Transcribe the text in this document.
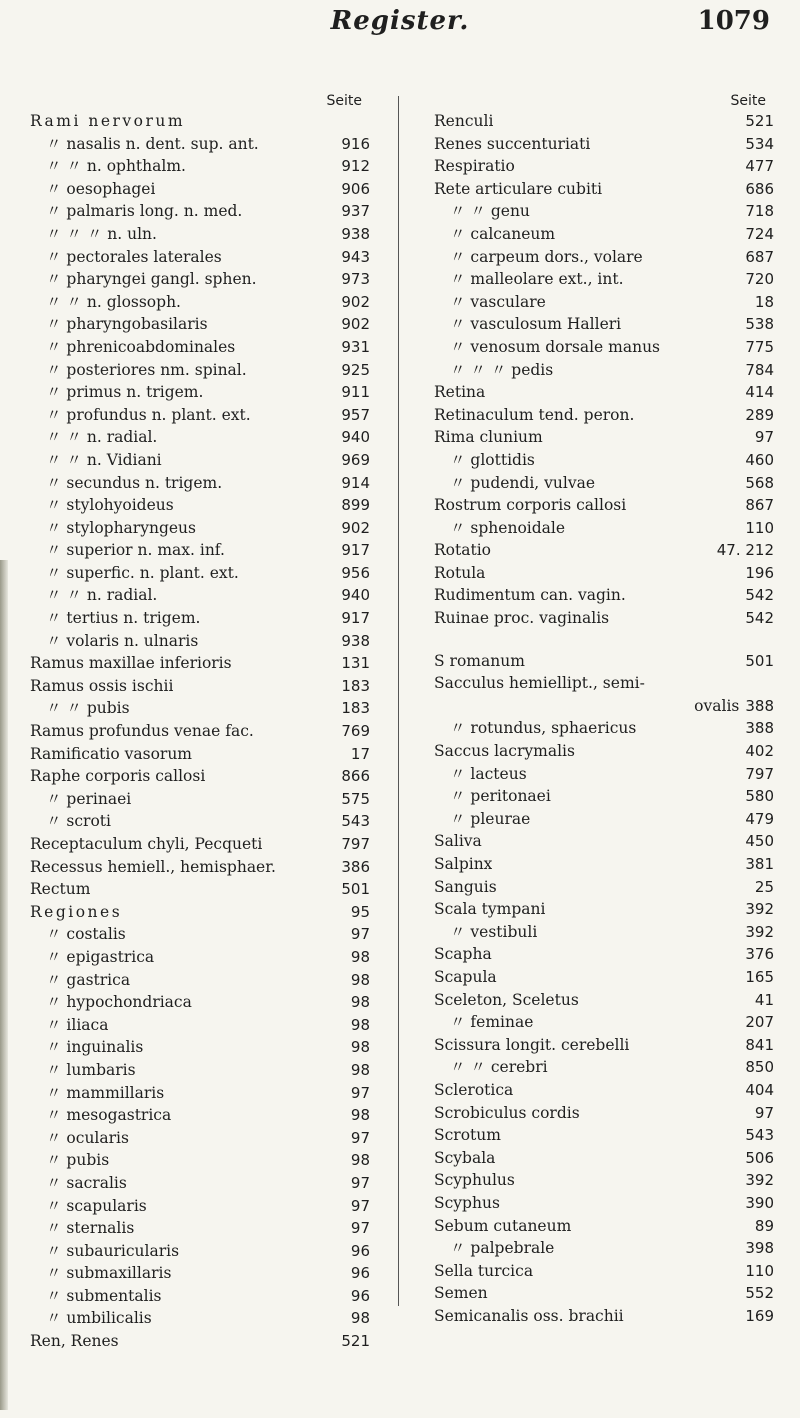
Register.	1079
Seite
Rami nervorum
〃 nasalis n. dent. sup. ant.	916
〃 〃 n. ophthalm.	912
〃 oesophagei	906
〃 palmaris long. n. med.	937
〃 〃 〃 n. uln.	938
〃 pectorales laterales	943
〃 pharyngei gangl. sphen.	973
〃 〃 n. glossoph.	902
〃 pharyngobasilaris	902
〃 phrenicoabdominales	931
〃 posteriores nm. spinal.	925
〃 primus n. trigem.	911
〃 profundus n. plant. ext.	957
〃 〃 n. radial.	940
〃 〃 n. Vidiani	969
〃 secundus n. trigem.	914
〃 stylohyoideus	899
〃 stylopharyngeus	902
〃 superior n. max. inf.	917
〃 superfic. n. plant. ext.	956
〃 〃 n. radial.	940
〃 tertius n. trigem.	917
〃 volaris n. ulnaris	938
Ramus maxillae inferioris	131
Ramus ossis ischii	183
〃 〃 pubis	183
Ramus profundus venae fac.	769
Ramificatio vasorum	17
Raphe corporis callosi	866
〃 perinaei	575
〃 scroti	543
Receptaculum chyli, Pecqueti	797
Recessus hemiell., hemisphaer.	386
Rectum	501
Regiones	95
〃 costalis	97
〃 epigastrica	98
〃 gastrica	98
〃 hypochondriaca	98
〃 iliaca	98
〃 inguinalis	98
〃 lumbaris	98
〃 mammillaris	97
〃 mesogastrica	98
〃 ocularis	97
〃 pubis	98
〃 sacralis	97
〃 scapularis	97
〃 sternalis	97
〃 subauricularis	96
〃 submaxillaris	96
〃 submentalis	96
〃 umbilicalis	98
Ren, Renes	521
Seite
Renculi	521
Renes succenturiati	534
Respiratio	477
Rete articulare cubiti	686
〃 〃 genu	718
〃 calcaneum	724
〃 carpeum dors., volare	687
〃 malleolare ext., int.	720
〃 vasculare	18
〃 vasculosum Halleri	538
〃 venosum dorsale manus	775
〃 〃 〃 pedis	784
Retina	414
Retinaculum tend. peron.	289
Rima clunium	97
〃 glottidis	460
〃 pudendi, vulvae	568
Rostrum corporis callosi	867
〃 sphenoidale	110
Rotatio	47. 212
Rotula	196
Rudimentum can. vagin.	542
Ruinae proc. vaginalis	542
S romanum	501
Sacculus hemiellipt., semi-
ovalis 388
〃 rotundus, sphaericus	388
Saccus lacrymalis	402
〃 lacteus	797
〃 peritonaei	580
〃 pleurae	479
Saliva	450
Salpinx	381
Sanguis	25
Scala tympani	392
〃 vestibuli	392
Scapha	376
Scapula	165
Sceleton, Sceletus	41
〃 feminae	207
Scissura longit. cerebelli	841
〃 〃 cerebri	850
Sclerotica	404
Scrobiculus cordis	97
Scrotum	543
Scybala	506
Scyphulus	392
Scyphus	390
Sebum cutaneum	89
〃 palpebrale	398
Sella turcica	110
Semen	552
Semicanalis oss. brachii	169
